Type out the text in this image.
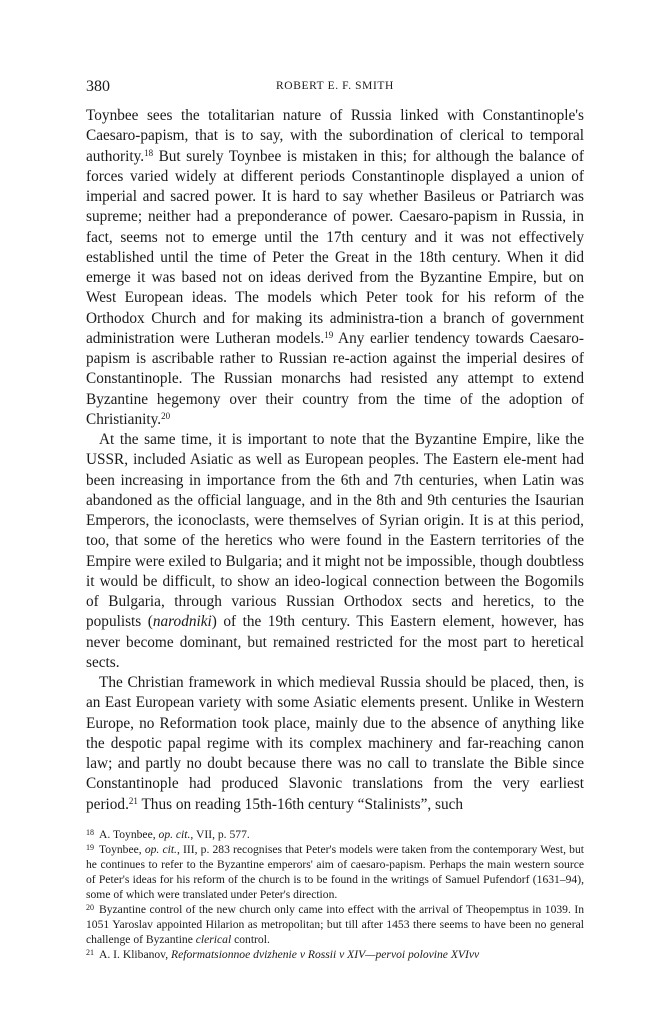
380	ROBERT E. F. SMITH

Toynbee sees the totalitarian nature of Russia linked with Constantinople's Caesaro-papism, that is to say, with the subordination of clerical to temporal authority.$^{18}$ But surely Toynbee is mistaken in this; for although the balance of forces varied widely at different periods Constantinople displayed a union of imperial and sacred power. It is hard to say whether Basileus or Patriarch was supreme; neither had a preponderance of power. Caesaro-papism in Russia, in fact, seems not to emerge until the 17th century and it was not effectively established until the time of Peter the Great in the 18th century. When it did emerge it was based not on ideas derived from the Byzantine Empire, but on West European ideas. The models which Peter took for his reform of the Orthodox Church and for making its administra-tion a branch of government administration were Lutheran models.$^{19}$ Any earlier tendency towards Caesaro-papism is ascribable rather to Russian re-action against the imperial desires of Constantinople. The Russian monarchs had resisted any attempt to extend Byzantine hegemony over their country from the time of the adoption of Christianity.$^{20}$

At the same time, it is important to note that the Byzantine Empire, like the USSR, included Asiatic as well as European peoples. The Eastern ele-ment had been increasing in importance from the 6th and 7th centuries, when Latin was abandoned as the official language, and in the 8th and 9th centuries the Isaurian Emperors, the iconoclasts, were themselves of Syrian origin. It is at this period, too, that some of the heretics who were found in the Eastern territories of the Empire were exiled to Bulgaria; and it might not be impossible, though doubtless it would be difficult, to show an ideo-logical connection between the Bogomils of Bulgaria, through various Russian Orthodox sects and heretics, to the populists (narodniki) of the 19th century. This Eastern element, however, has never become dominant, but remained restricted for the most part to heretical sects.

The Christian framework in which medieval Russia should be placed, then, is an East European variety with some Asiatic elements present. Unlike in Western Europe, no Reformation took place, mainly due to the absence of anything like the despotic papal regime with its complex machinery and far-reaching canon law; and partly no doubt because there was no call to translate the Bible since Constantinople had produced Slavonic translations from the very earliest period.$^{21}$ Thus on reading 15th-16th century “Stalinists”, such

$^{18}$ A. Toynbee, op. cit., VII, p. 577.

$^{19}$ Toynbee, op. cit., III, p. 283 recognises that Peter's models were taken from the contemporary West, but he continues to refer to the Byzantine emperors' aim of caesaro-papism. Perhaps the main western source of Peter's ideas for his reform of the church is to be found in the writings of Samuel Pufendorf (1631–94), some of which were translated under Peter's direction.

$^{20}$ Byzantine control of the new church only came into effect with the arrival of Theopemptus in 1039. In 1051 Yaroslav appointed Hilarion as metropolitan; but till after 1453 there seems to have been no general challenge of Byzantine clerical control.

$^{21}$ A. I. Klibanov, Reformatsionnoe dvizhenie v Rossii v XIV—pervoi polovine XVIvv
